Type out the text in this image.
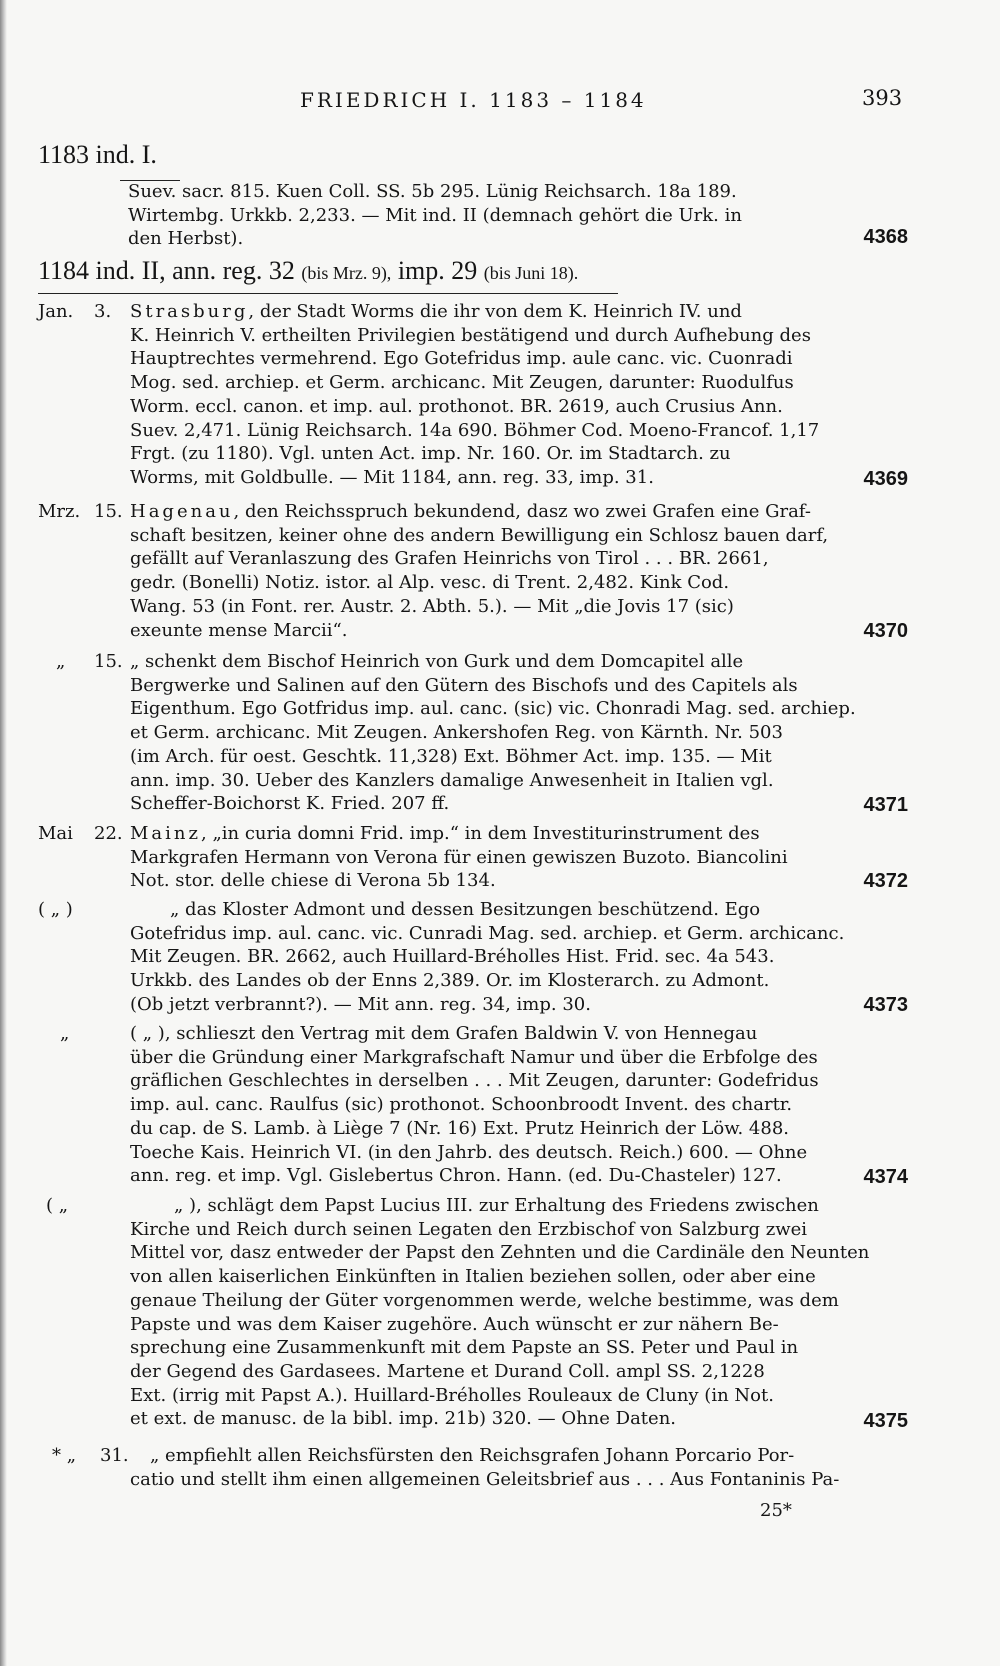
FRIEDRICH I. 1183 – 1184	393
1183 ind. I.
Suev. sacr. 815. Kuen Coll. SS. 5b 295. Lünig Reichsarch. 18a 189.
Wirtembg. Urkkb. 2,233. — Mit ind. II (demnach gehört die Urk. in
den Herbst).	4368
1184 ind. II, ann. reg. 32 (bis Mrz. 9), imp. 29 (bis Juni 18).
Jan. 3. Strasburg, der Stadt Worms die ihr von dem K. Heinrich IV. und
K. Heinrich V. ertheilten Privilegien bestätigend und durch Aufhebung des
Hauptrechtes vermehrend. Ego Gotefridus imp. aule canc. vic. Cuonradi
Mog. sed. archiep. et Germ. archicanc. Mit Zeugen, darunter: Ruodulfus
Worm. eccl. canon. et imp. aul. prothonot. BR. 2619, auch Crusius Ann.
Suev. 2,471. Lünig Reichsarch. 14a 690. Böhmer Cod. Moeno-Francof. 1,17
Frgt. (zu 1180). Vgl. unten Act. imp. Nr. 160. Or. im Stadtarch. zu
Worms, mit Goldbulle. — Mit 1184, ann. reg. 33, imp. 31.	4369
Mrz. 15. Hagenau, den Reichsspruch bekundend, dasz wo zwei Grafen eine Graf-
schaft besitzen, keiner ohne des andern Bewilligung ein Schlosz bauen darf,
gefällt auf Veranlaszung des Grafen Heinrichs von Tirol . . . BR. 2661,
gedr. (Bonelli) Notiz. istor. al Alp. vesc. di Trent. 2,482. Kink Cod.
Wang. 53 (in Font. rer. Austr. 2. Abth. 5.). — Mit „die Jovis 17 (sic)
exeunte mense Marcii“.	4370
„ 15. „ schenkt dem Bischof Heinrich von Gurk und dem Domcapitel alle
Bergwerke und Salinen auf den Gütern des Bischofs und des Capitels als
Eigenthum. Ego Gotfridus imp. aul. canc. (sic) vic. Chonradi Mag. sed. archiep.
et Germ. archicanc. Mit Zeugen. Ankershofen Reg. von Kärnth. Nr. 503
(im Arch. für oest. Geschtk. 11,328) Ext. Böhmer Act. imp. 135. — Mit
ann. imp. 30. Ueber des Kanzlers damalige Anwesenheit in Italien vgl.
Scheffer-Boichorst K. Fried. 207 ff.	4371
Mai 22. Mainz, „in curia domni Frid. imp.“ in dem Investiturinstrument des
Markgrafen Hermann von Verona für einen gewiszen Buzoto. Biancolini
Not. stor. delle chiese di Verona 5b 134.	4372
( „ )	„ das Kloster Admont und dessen Besitzungen beschützend. Ego
Gotefridus imp. aul. canc. vic. Cunradi Mag. sed. archiep. et Germ. archicanc.
Mit Zeugen. BR. 2662, auch Huillard-Bréholles Hist. Frid. sec. 4a 543.
Urkkb. des Landes ob der Enns 2,389. Or. im Klosterarch. zu Admont.
(Ob jetzt verbrannt?). — Mit ann. reg. 34, imp. 30.	4373
„	( „ ), schlieszt den Vertrag mit dem Grafen Baldwin V. von Hennegau
über die Gründung einer Markgrafschaft Namur und über die Erbfolge des
gräflichen Geschlechtes in derselben . . . Mit Zeugen, darunter: Godefridus
imp. aul. canc. Raulfus (sic) prothonot. Schoonbroodt Invent. des chartr.
du cap. de S. Lamb. à Liège 7 (Nr. 16) Ext. Prutz Heinrich der Löw. 488.
Toeche Kais. Heinrich VI. (in den Jahrb. des deutsch. Reich.) 600. — Ohne
ann. reg. et imp. Vgl. Gislebertus Chron. Hann. (ed. Du-Chasteler) 127.	4374
( „	„ ), schlägt dem Papst Lucius III. zur Erhaltung des Friedens zwischen
Kirche und Reich durch seinen Legaten den Erzbischof von Salzburg zwei
Mittel vor, dasz entweder der Papst den Zehnten und die Cardinäle den Neunten
von allen kaiserlichen Einkünften in Italien beziehen sollen, oder aber eine
genaue Theilung der Güter vorgenommen werde, welche bestimme, was dem
Papste und was dem Kaiser zugehöre. Auch wünscht er zur nähern Be-
sprechung eine Zusammenkunft mit dem Papste an SS. Peter und Paul in
der Gegend des Gardasees. Martene et Durand Coll. ampl SS. 2,1228
Ext. (irrig mit Papst A.). Huillard-Bréholles Rouleaux de Cluny (in Not.
et ext. de manusc. de la bibl. imp. 21b) 320. — Ohne Daten.	4375
* „ 31.	„ empfiehlt allen Reichsfürsten den Reichsgrafen Johann Porcario Por-
catio und stellt ihm einen allgemeinen Geleitsbrief aus . . . Aus Fontaninis Pa-
25*
